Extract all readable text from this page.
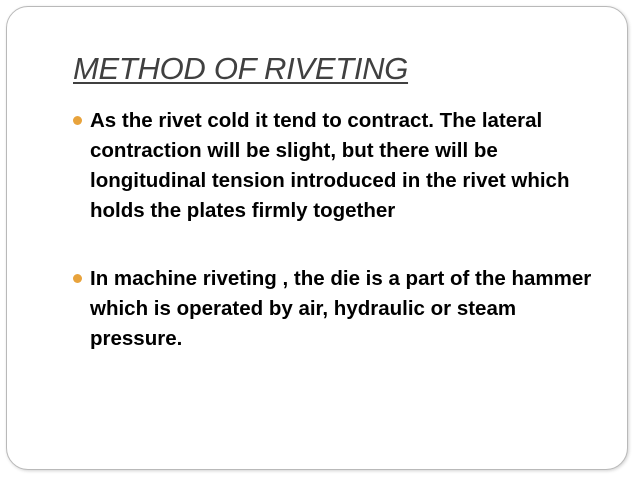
METHOD OF RIVETING
As the rivet cold it tend to contract. The lateral contraction will be slight, but there will be longitudinal tension introduced in the rivet which holds the plates firmly together
In machine riveting , the die is a part of the hammer which is operated by air, hydraulic or steam pressure.
